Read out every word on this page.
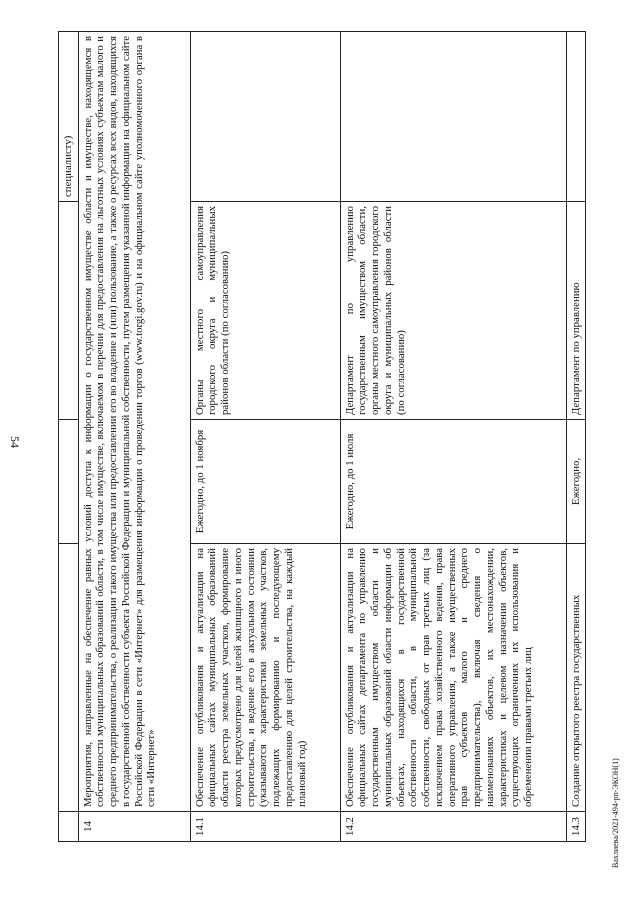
54
Вахлиева/2021-494-рп-ЭКОН(1)
				специалисту)
14	Мероприятия, направленные на обеспечение равных условий доступа к информации о государственном имуществе области и имуществе, находящемся в собственности муниципальных образований области, в том числе имуществе, включаемом в перечни для предоставления на льготных условиях субъектам малого и среднего предпринимательства, о реализации такого имущества или предоставлении его во владение и (или) пользование, а также о ресурсах всех видов, находящихся в государственной собственности субъекта Российской Федерации и муниципальной собственности, путем размещения указанной информации на официальном сайте Российской Федерации в сети «Интернет» для размещения информации о проведении торгов (www.torgi.gov.ru) и на официальном сайте уполномоченного органа в сети «Интернет»			
14.1	Обеспечение опубликования и актуализации на официальных сайтах муниципальных образований области реестра земельных участков, формирование которых предусмотрено для целей жилищного и иного строительства, и ведение его в актуальном состоянии (указываются характеристики земельных участков, подлежащих формированию и последующему предоставлению для целей строительства, на каждый плановый год)	Ежегодно, до 1 ноября	Органы местного самоуправления городского округа и муниципальных районов области (по согласованию)	
14.2	Обеспечение опубликования и актуализации на официальных сайтах департамента по управлению государственным имуществом области и муниципальных образований области информации об объектах, находящихся в государственной собственности области, в муниципальной собственности, свободных от прав третьих лиц (за исключением права хозяйственного ведения, права оперативного управления, а также имущественных прав субъектов малого и среднего предпринимательства), включая сведения о наименованиях объектов, их местонахождении, характеристиках и целевом назначении объектов, существующих ограничениях их использования и обременении правами третьих лиц	Ежегодно, до 1 июля	Департамент по управлению государственным имуществом области, органы местного самоуправления городского округа и муниципальных районов области (по согласованию)	
14.3	Создание открытого реестра государственных	Ежегодно,	Департамент по управлению	
